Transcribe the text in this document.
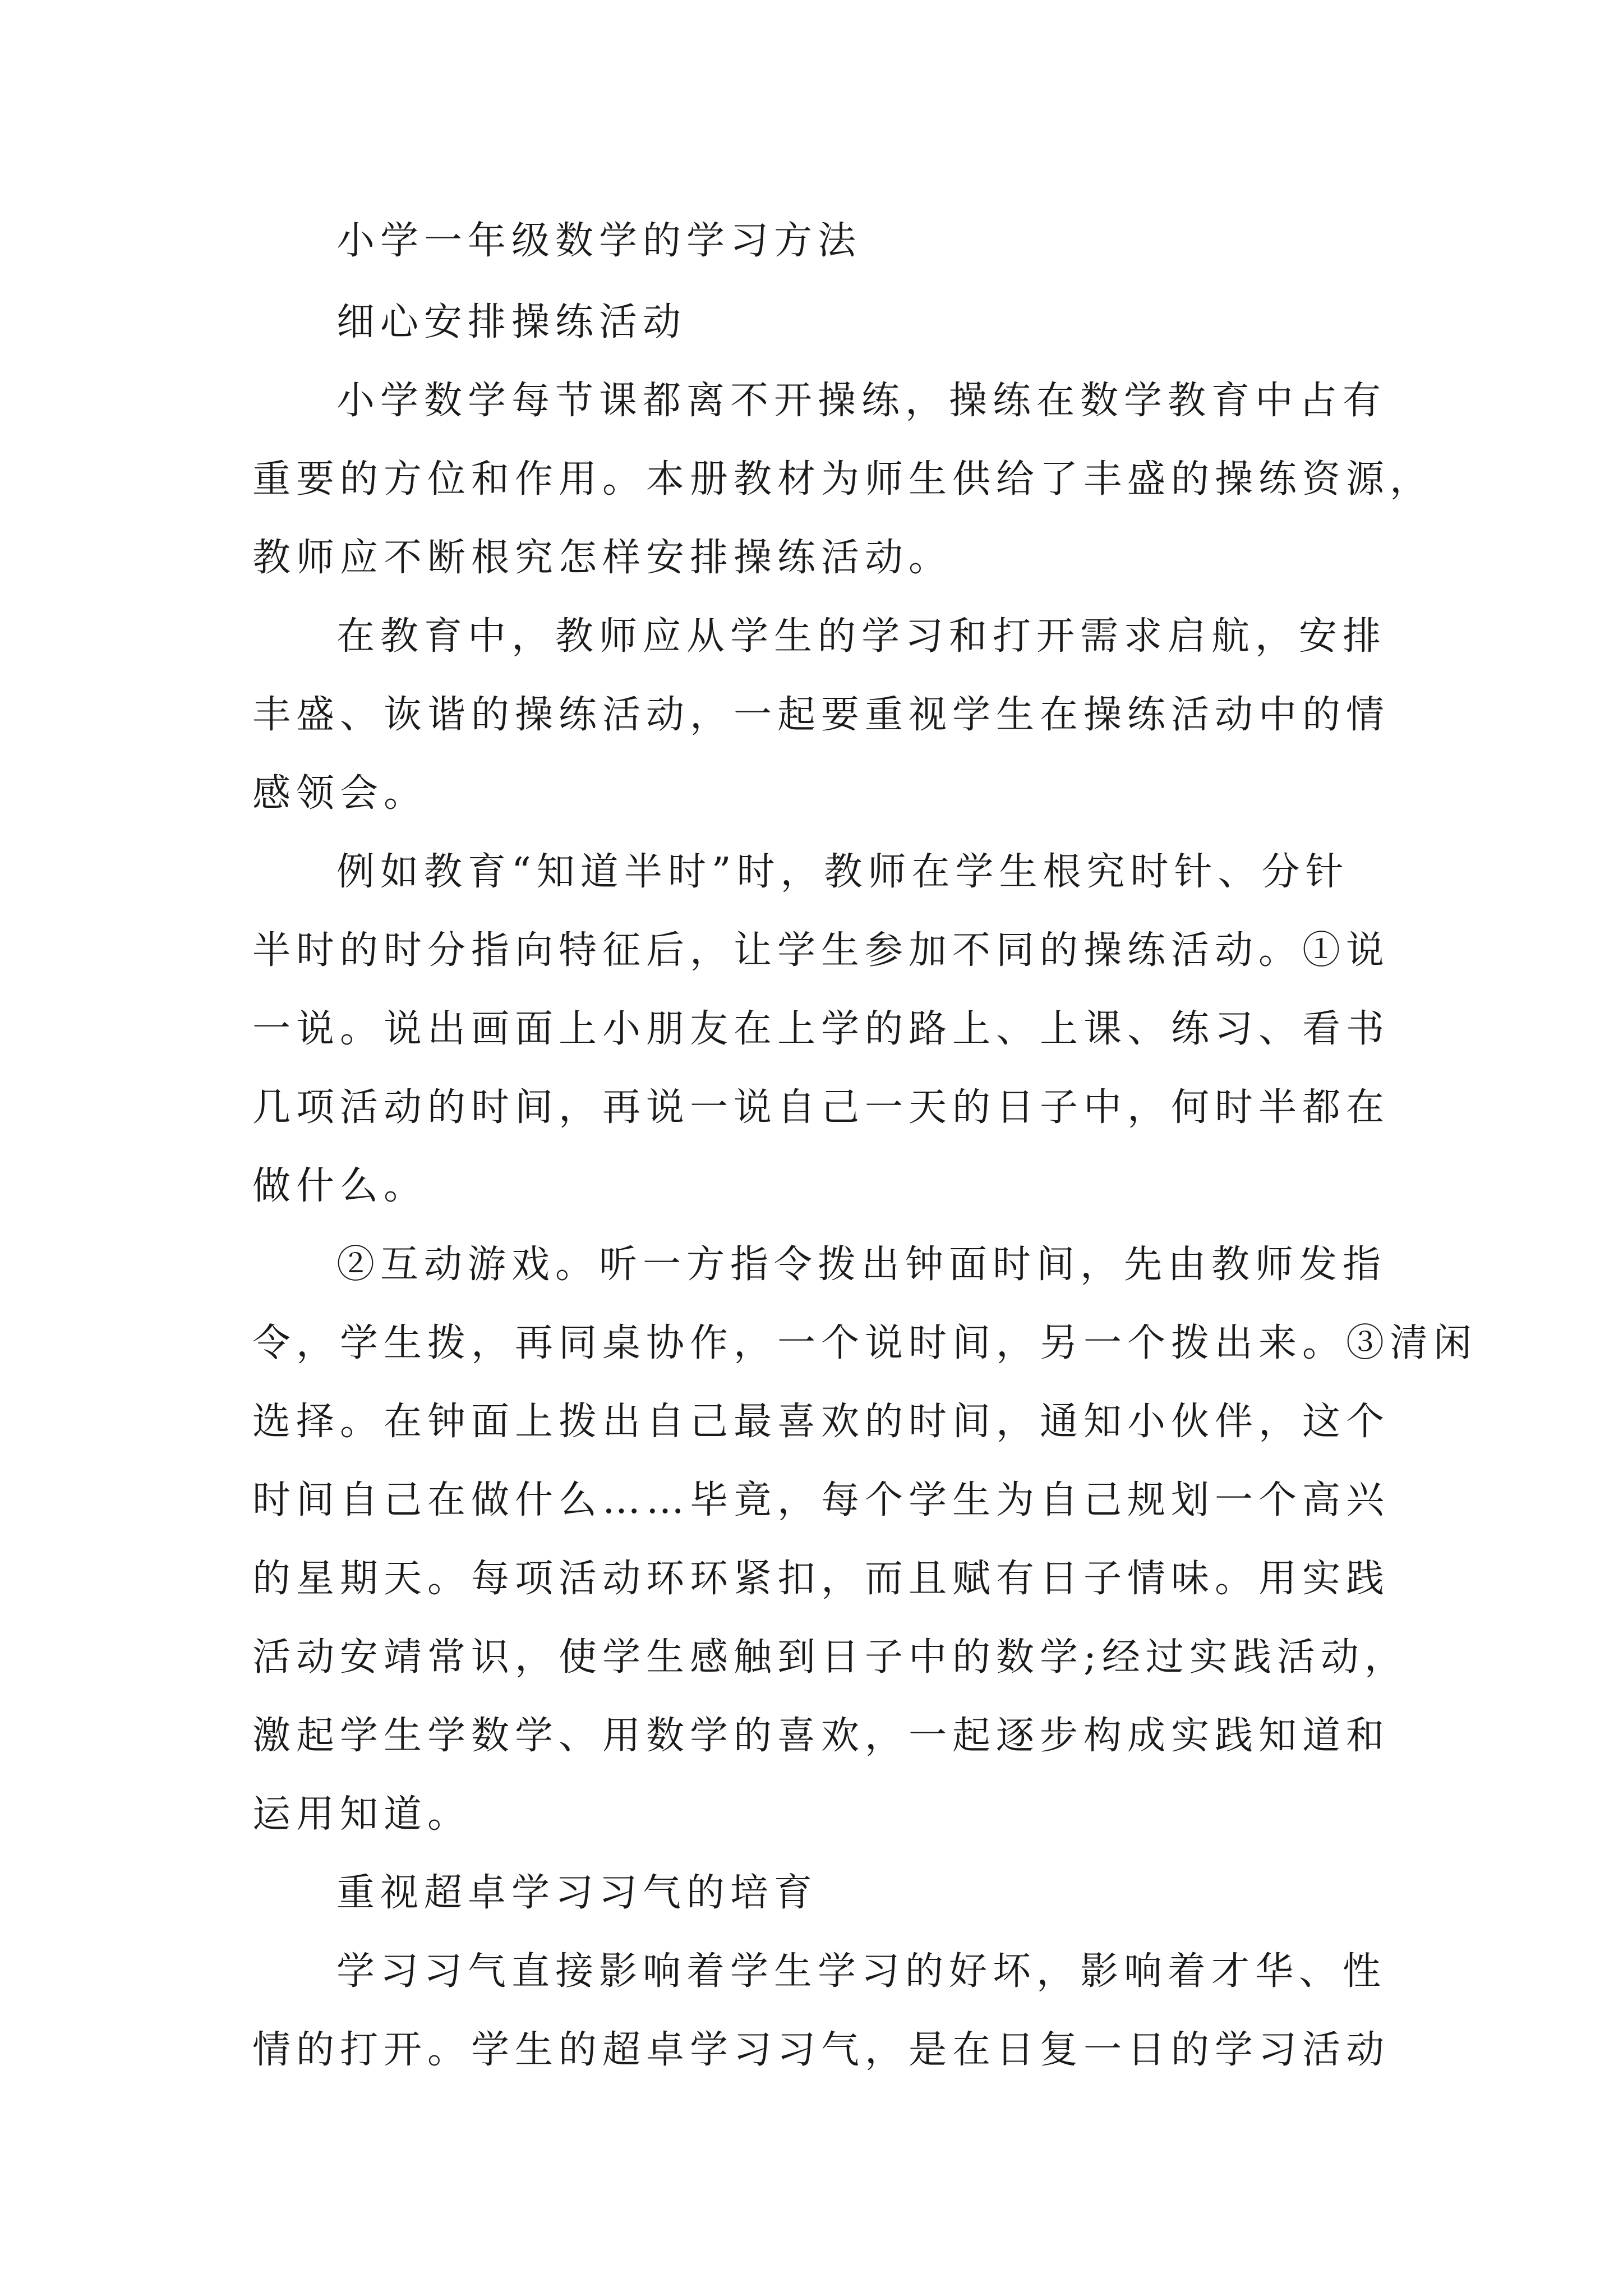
小学一年级数学的学习方法
细心安排操练活动
小学数学每节课都离不开操练，操练在数学教育中占有
重要的方位和作用。本册教材为师生供给了丰盛的操练资源，
教师应不断根究怎样安排操练活动。
在教育中，教师应从学生的学习和打开需求启航，安排
丰盛、诙谐的操练活动，一起要重视学生在操练活动中的情
感领会。
例如教育“知道半时”时，教师在学生根究时针、分针
半时的时分指向特征后，让学生参加不同的操练活动。①说
一说。说出画面上小朋友在上学的路上、上课、练习、看书
几项活动的时间，再说一说自己一天的日子中，何时半都在
做什么。
②互动游戏。听一方指令拨出钟面时间，先由教师发指
令，学生拨，再同桌协作，一个说时间，另一个拨出来。③清闲
选择。在钟面上拨出自己最喜欢的时间，通知小伙伴，这个
时间自己在做什么……毕竟，每个学生为自己规划一个高兴
的星期天。每项活动环环紧扣，而且赋有日子情味。用实践
活动安靖常识，使学生感触到日子中的数学;经过实践活动，
激起学生学数学、用数学的喜欢，一起逐步构成实践知道和
运用知道。
重视超卓学习习气的培育
学习习气直接影响着学生学习的好坏，影响着才华、性
情的打开。学生的超卓学习习气，是在日复一日的学习活动
